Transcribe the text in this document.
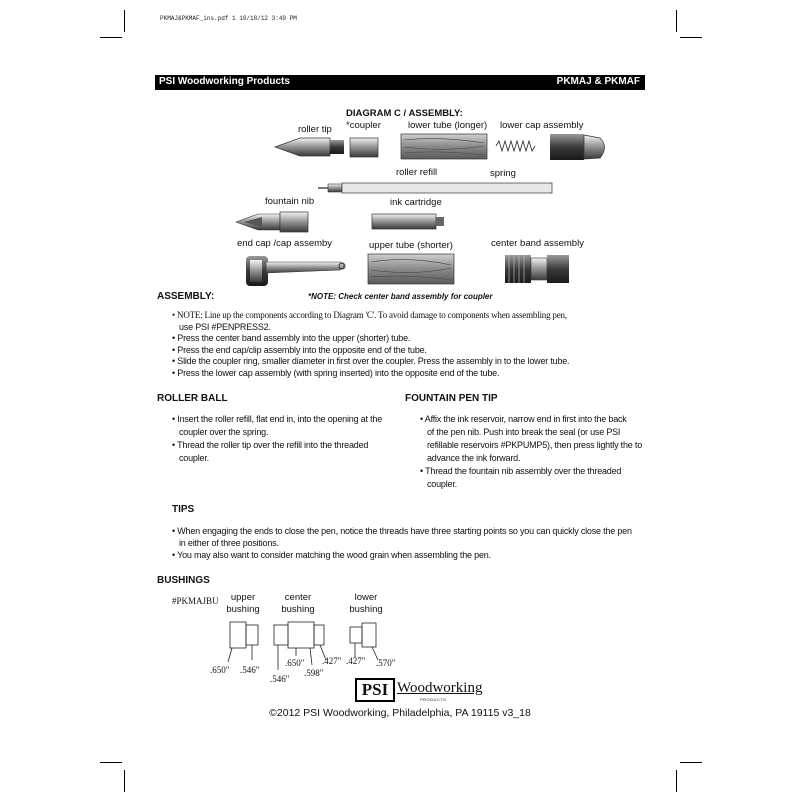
PKMAJ&PKMAF_ins.pdf 1 10/18/12 3:49 PM
PSI Woodworking Products	PKMAJ & PKMAF
DIAGRAM C / ASSEMBLY:
roller tip *coupler	lower tube (longer) lower cap assembly
spring
roller refill
fountain nib	ink cartridge
end cap /cap assemby	upper tube (shorter)	center band assembly
ASSEMBLY:	*NOTE: Check center band assembly for coupler
• NOTE: Line up the components according to Diagram 'C'. To avoid damage to components when assembling pen,
use PSI #PENPRESS2.
• Press the center band assembly into the upper (shorter) tube.
• Press the end cap/clip assembly into the opposite end of the tube.
• Slide the coupler ring, smaller diameter in first over the coupler. Press the assembly in to the lower tube.
• Press the lower cap assembly (with spring inserted) into the opposite end of the tube.
ROLLER BALL
• Insert the roller refill, flat end in, into the opening at the
coupler over the spring.
• Thread the roller tip over the refill into the threaded
coupler.
FOUNTAIN PEN TIP
• Affix the ink reservoir, narrow end in first into the back
of the pen nib. Push into break the seal (or use PSI
refillable reservoirs #PKPUMP5), then press lightly the to
advance the ink forward.
• Thread the fountain nib assembly over the threaded
coupler.
TIPS
• When engaging the ends to close the pen, notice the threads have three starting points so you can quickly close the pen
in either of three positions.
• You may also want to consider matching the wood grain when assembling the pen.
BUSHINGS
#PKMAJBU	upper
bushing
center
bushing
lower
bushing
.650" .546"
.650" .427"
.546"
.598"
.427" .570"
PSI Woodworking
PRODUCTS
©2012 PSI Woodworking, Philadelphia, PA 19115 v3_18
